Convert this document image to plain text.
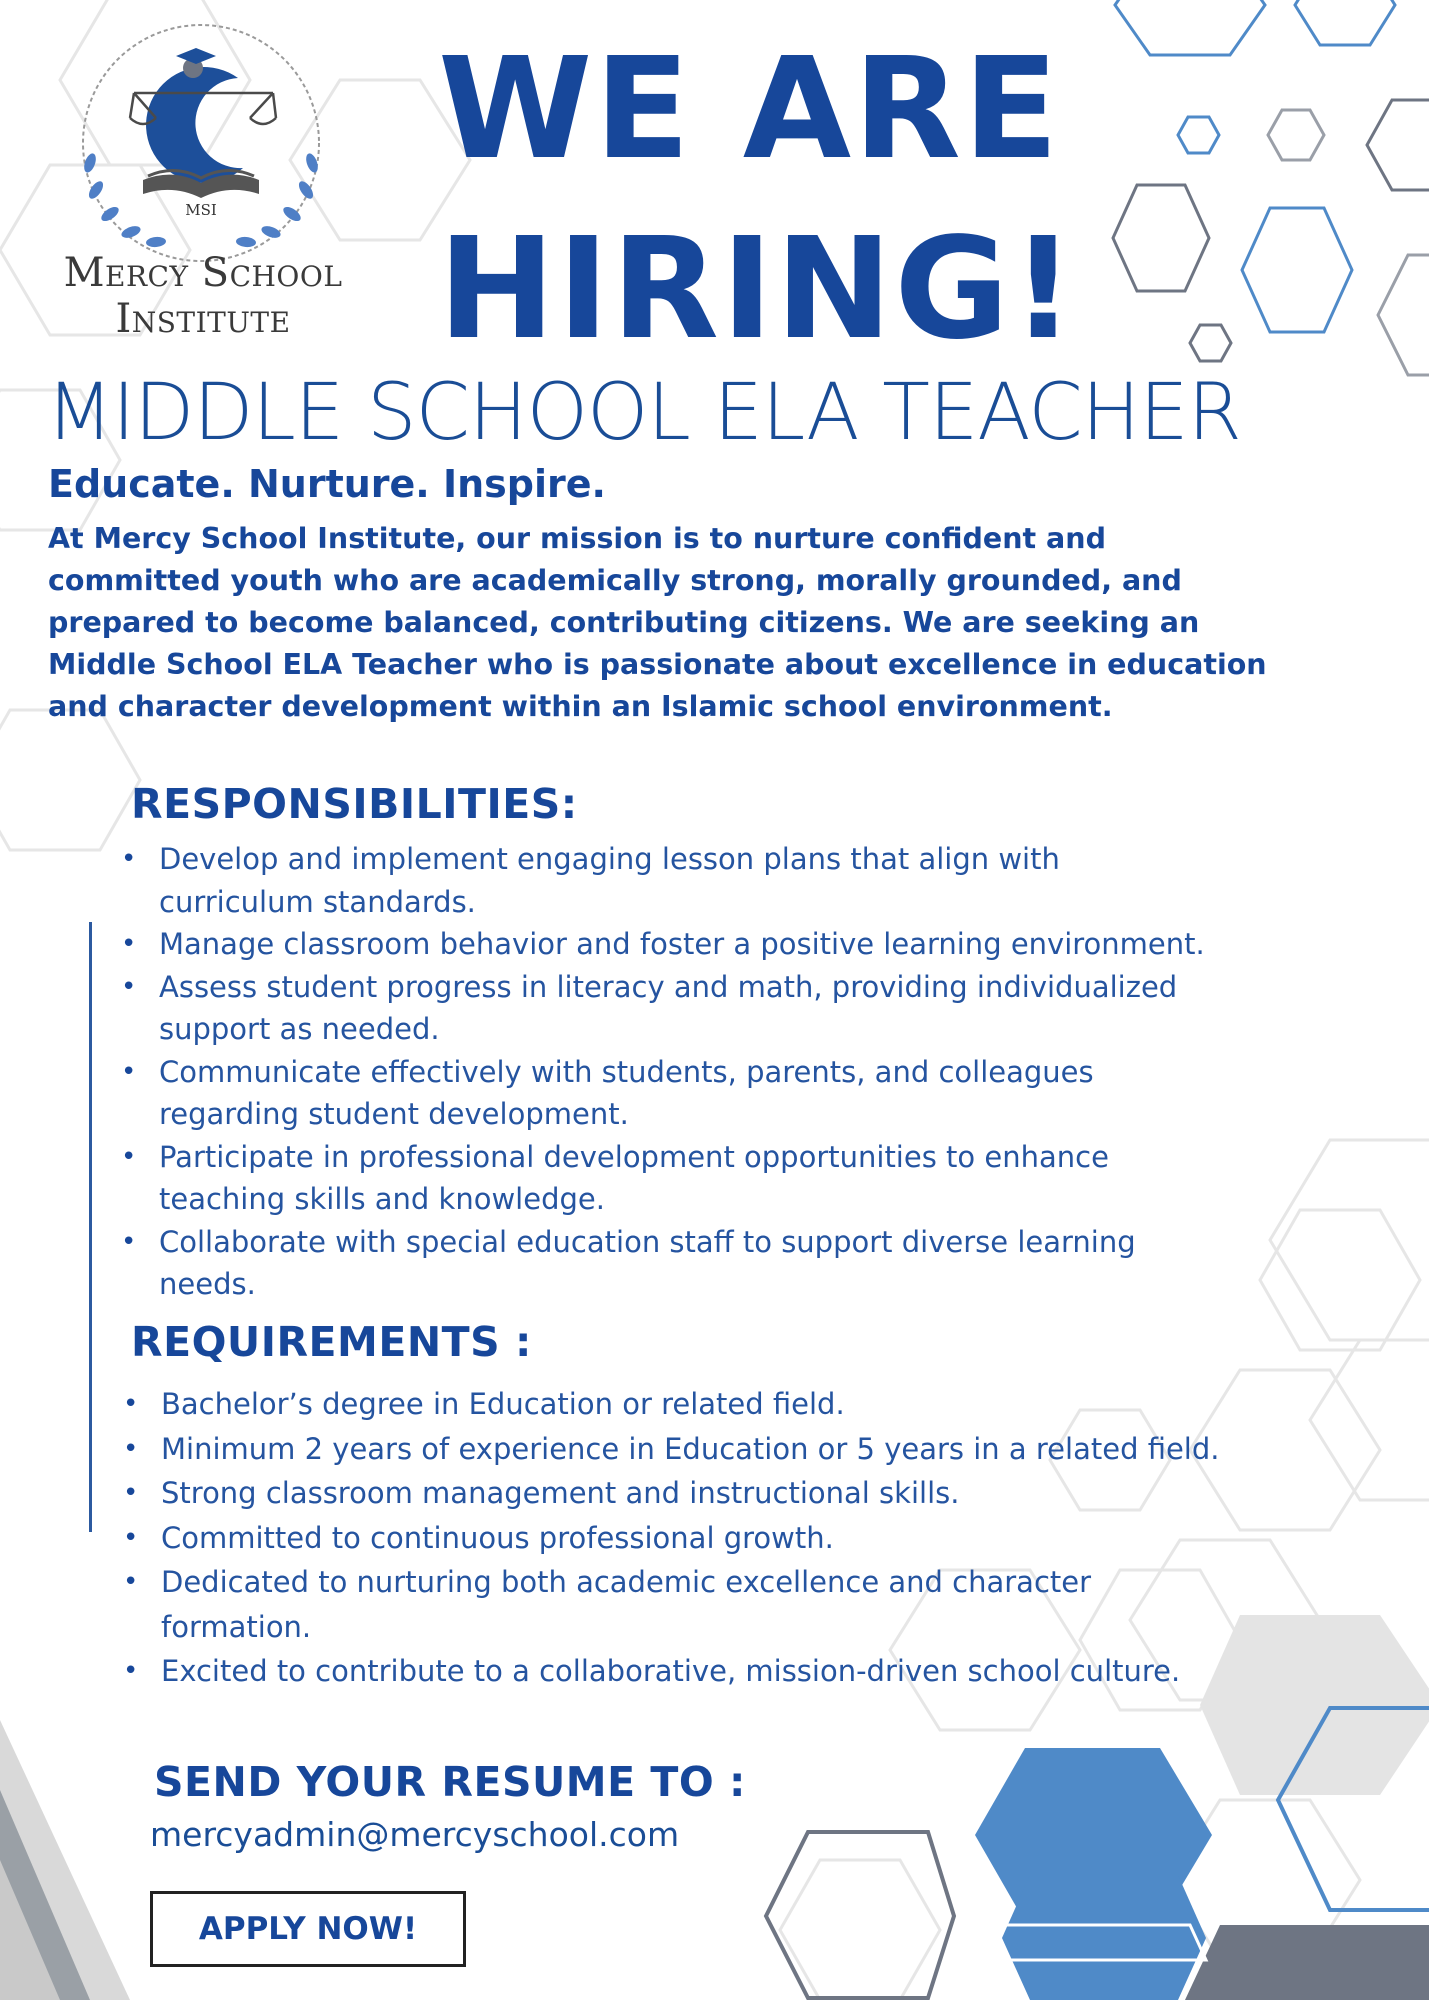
MSI
Mercy School
Institute
WE ARE
HIRING!
MIDDLE SCHOOL ELA TEACHER
Educate. Nurture. Inspire.
At Mercy School Institute, our mission is to nurture confident and
committed youth who are academically strong, morally grounded, and
prepared to become balanced, contributing citizens. We are seeking an
Middle School ELA Teacher who is passionate about excellence in education
and character development within an Islamic school environment.
RESPONSIBILITIES:
• Develop and implement engaging lesson plans that align with
curriculum standards.
• Manage classroom behavior and foster a positive learning environment.
• Assess student progress in literacy and math, providing individualized
support as needed.
• Communicate effectively with students, parents, and colleagues
regarding student development.
• Participate in professional development opportunities to enhance
teaching skills and knowledge.
• Collaborate with special education staff to support diverse learning
needs.
REQUIREMENTS :
• Bachelor’s degree in Education or related field.
• Minimum 2 years of experience in Education or 5 years in a related field.
• Strong classroom management and instructional skills.
• Committed to continuous professional growth.
• Dedicated to nurturing both academic excellence and character
formation.
• Excited to contribute to a collaborative, mission-driven school culture.
SEND YOUR RESUME TO :
mercyadmin@mercyschool.com
APPLY NOW!
